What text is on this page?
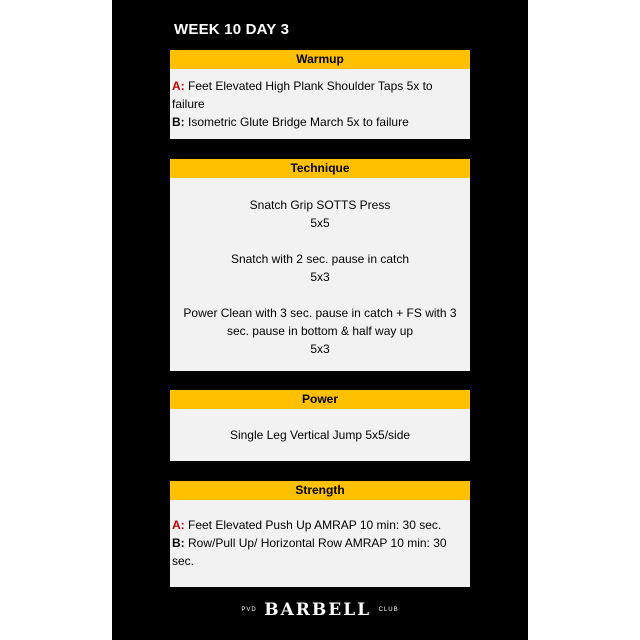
WEEK 10 DAY 3
Warmup
A: Feet Elevated High Plank Shoulder Taps 5x to failure
B: Isometric Glute Bridge March 5x to failure
Technique
Snatch Grip SOTTS Press
5x5
Snatch with 2 sec. pause in catch
5x3
Power Clean with 3 sec. pause in catch + FS with 3
sec. pause in bottom & half way up
5x3
Power
Single Leg Vertical Jump 5x5/side
Strength
A: Feet Elevated Push Up AMRAP 10 min: 30 sec.
B: Row/Pull Up/ Horizontal Row AMRAP 10 min: 30 sec.
PVD BARBELL CLUB
